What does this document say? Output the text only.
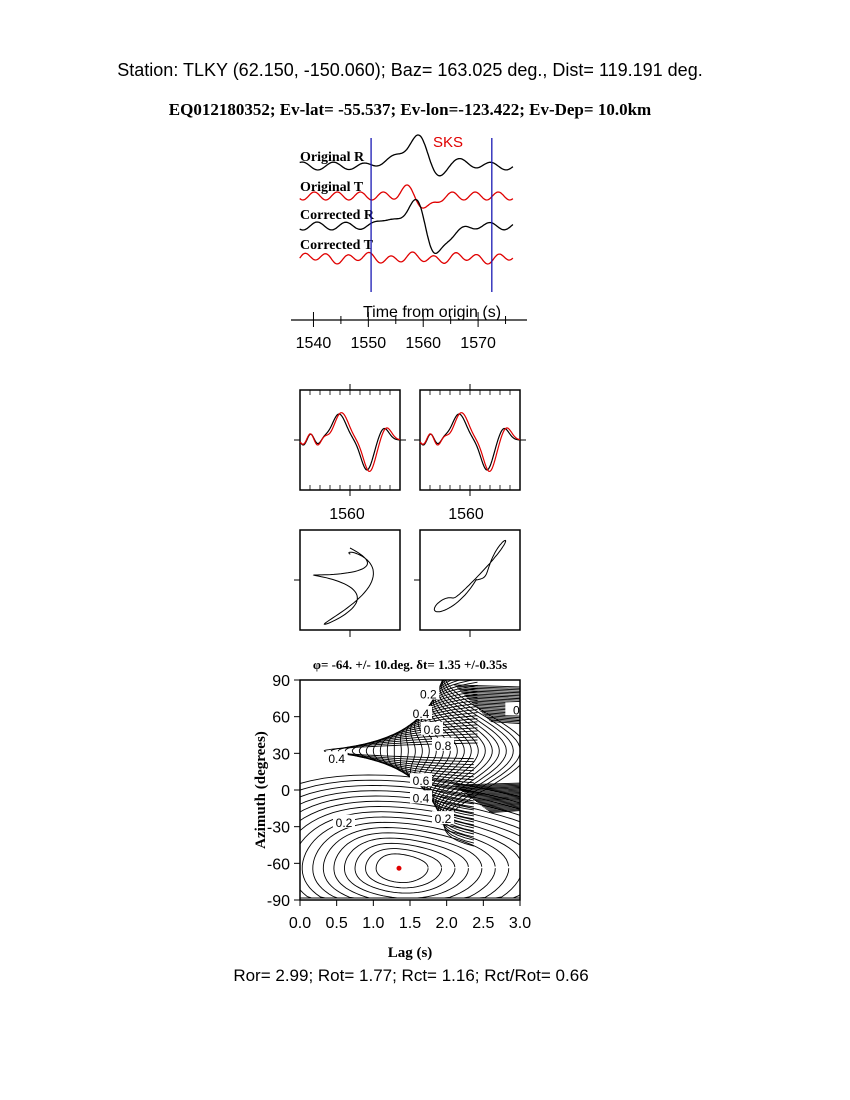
Station: TLKY (62.150, -150.060); Baz= 163.025 deg., Dist= 119.191 deg.
EQ012180352; Ev-lat= -55.537; Ev-lon=-123.422; Ev-Dep= 10.0km
SKS
Original R
Original T
Corrected R
Corrected T
Time from origin (s)
1540 1550 1560 1570
1560	1560
φ= -64. +/- 10.deg. δt= 1.35 +/-0.35s
0.2
0.4
0.6
0.8
0.6
0.4
0.2	0.2
0.4
0
0.0 0.5 1.0 1.5 2.0 2.5 3.0
90
60
30
0
-30
-60
-90
Lag (s)
Azimuth (degrees)
Ror= 2.99; Rot= 1.77; Rct= 1.16; Rct/Rot= 0.66
